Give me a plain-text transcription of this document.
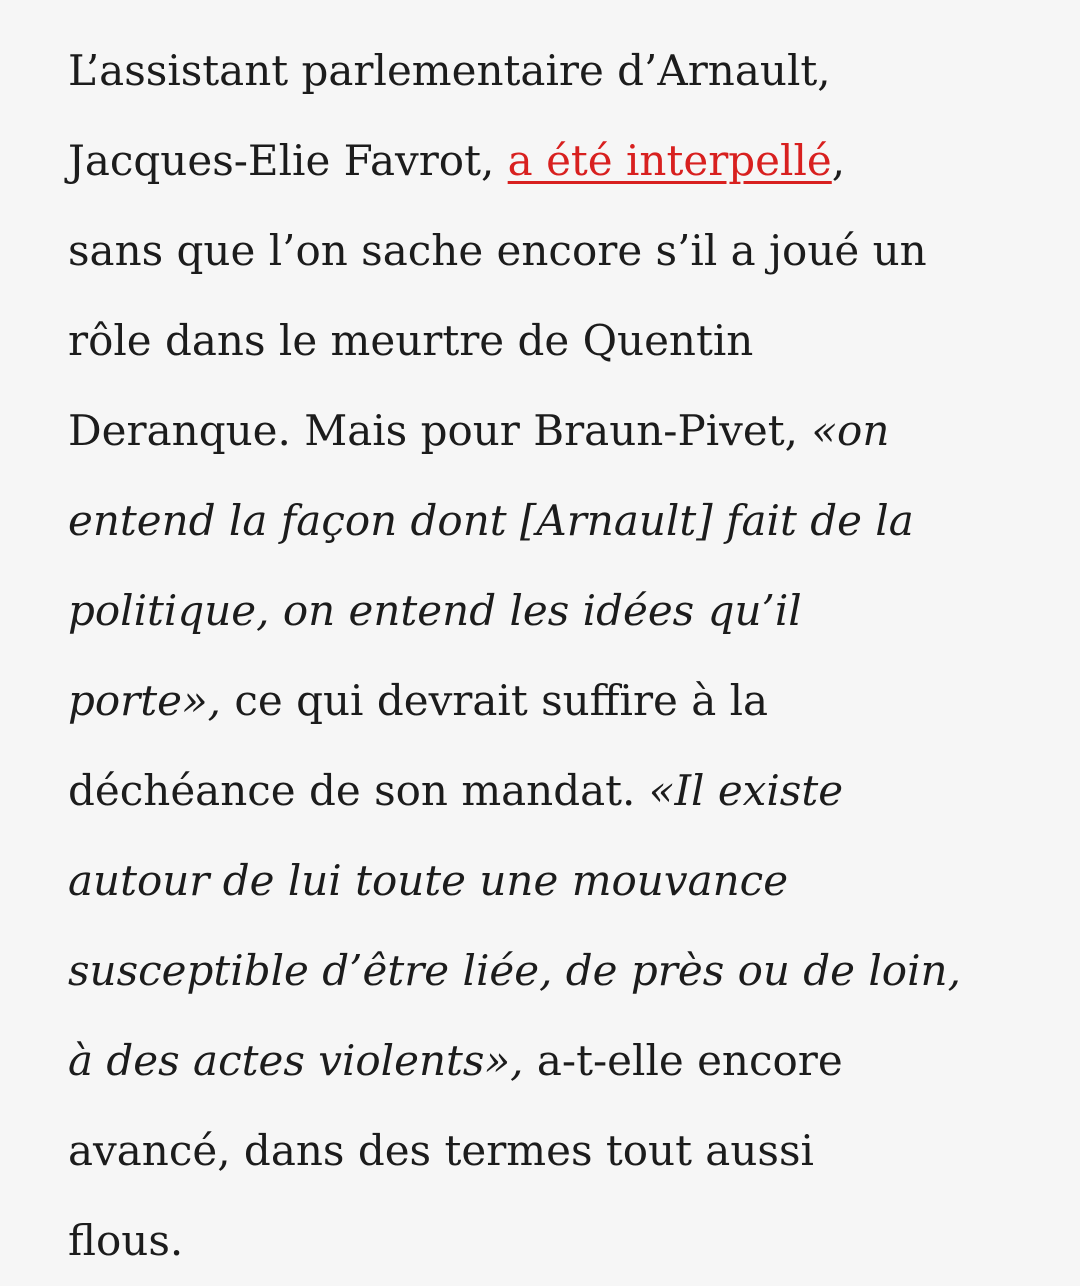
L’assistant parlementaire d’Arnault,
Jacques-Elie Favrot, a été interpellé,
sans que l’on sache encore s’il a joué un
rôle dans le meurtre de Quentin
Deranque. Mais pour Braun-Pivet, «on
entend la façon dont [Arnault] fait de la
politique, on entend les idées qu’il
porte», ce qui devrait suffire à la
déchéance de son mandat. «Il existe
autour de lui toute une mouvance
susceptible d’être liée, de près ou de loin,
à des actes violents», a-t-elle encore
avancé, dans des termes tout aussi
flous.
